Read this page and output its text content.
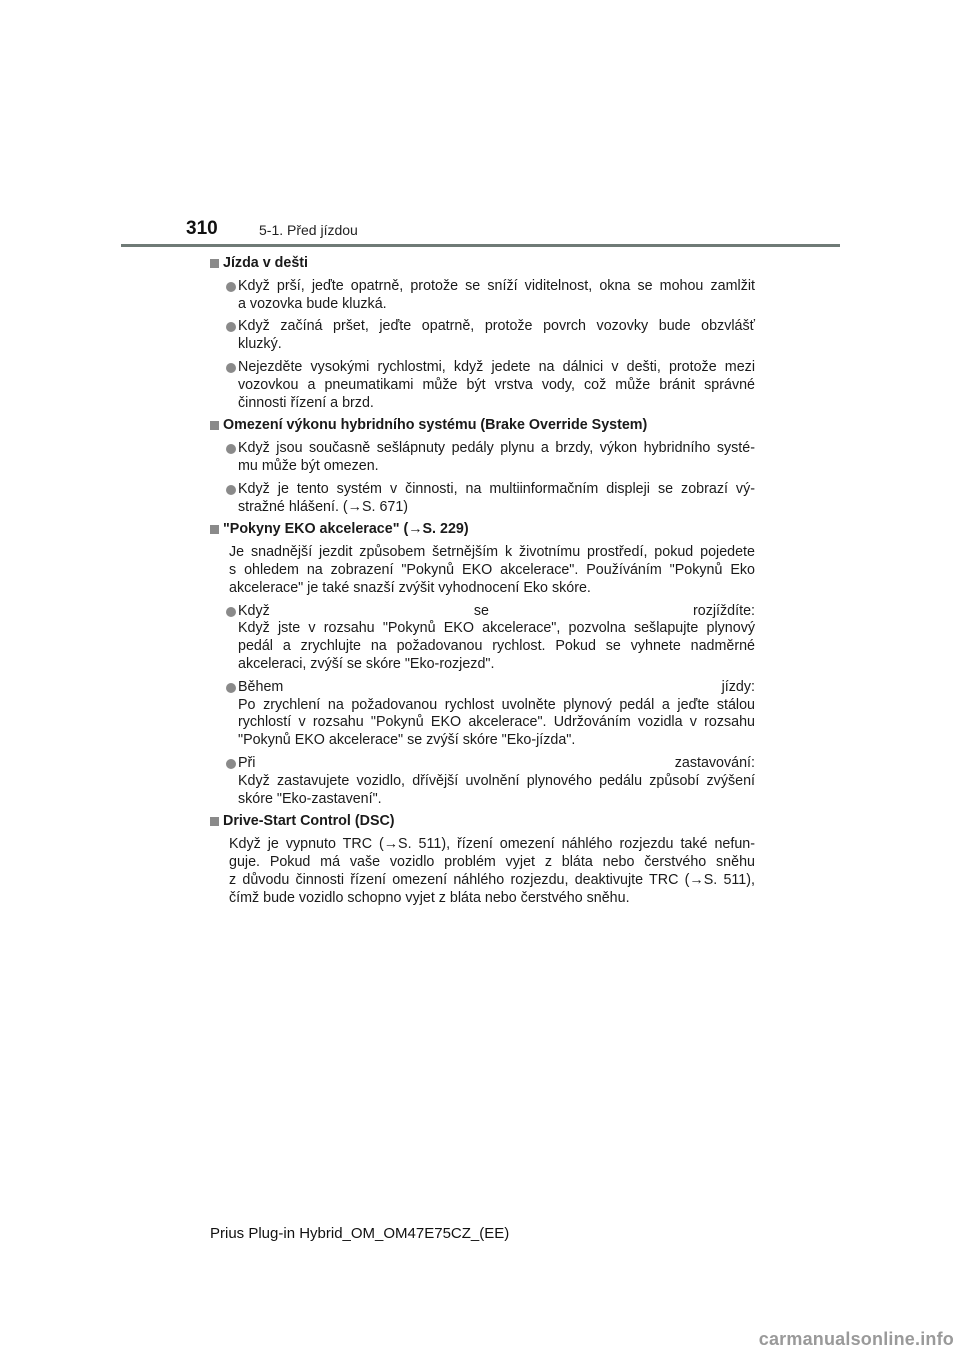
310	5-1. Před jízdou
Jízda v dešti
Když prší, jeďte opatrně, protože se sníží viditelnost, okna se mohou zamlžit
a vozovka bude kluzká.
Když začíná pršet, jeďte opatrně, protože povrch vozovky bude obzvlášť
kluzký.
Nejezděte vysokými rychlostmi, když jedete na dálnici v dešti, protože mezi
vozovkou a pneumatikami může být vrstva vody, což může bránit správné
činnosti řízení a brzd.
Omezení výkonu hybridního systému (Brake Override System)
Když jsou současně sešlápnuty pedály plynu a brzdy, výkon hybridního systé-
mu může být omezen.
Když je tento systém v činnosti, na multiinformačním displeji se zobrazí vý-
stražné hlášení. (→S. 671)
"Pokyny EKO akcelerace" (→S. 229)
Je snadnější jezdit způsobem šetrnějším k životnímu prostředí, pokud pojedete
s ohledem na zobrazení "Pokynů EKO akcelerace". Používáním "Pokynů Eko
akcelerace" je také snazší zvýšit vyhodnocení Eko skóre.
Když se rozjíždíte:
Když jste v rozsahu "Pokynů EKO akcelerace", pozvolna sešlapujte plynový
pedál a zrychlujte na požadovanou rychlost. Pokud se vyhnete nadměrné
akceleraci, zvýší se skóre "Eko-rozjezd".
Během jízdy:
Po zrychlení na požadovanou rychlost uvolněte plynový pedál a jeďte stálou
rychlostí v rozsahu "Pokynů EKO akcelerace". Udržováním vozidla v rozsahu
"Pokynů EKO akcelerace" se zvýší skóre "Eko-jízda".
Při zastavování:
Když zastavujete vozidlo, dřívější uvolnění plynového pedálu způsobí zvýšení
skóre "Eko-zastavení".
Drive-Start Control (DSC)
Když je vypnuto TRC (→S. 511), řízení omezení náhlého rozjezdu také nefun-
guje. Pokud má vaše vozidlo problém vyjet z bláta nebo čerstvého sněhu
z důvodu činnosti řízení omezení náhlého rozjezdu, deaktivujte TRC (→S. 511),
čímž bude vozidlo schopno vyjet z bláta nebo čerstvého sněhu.
Prius Plug-in Hybrid_OM_OM47E75CZ_(EE)
carmanualsonline.info
